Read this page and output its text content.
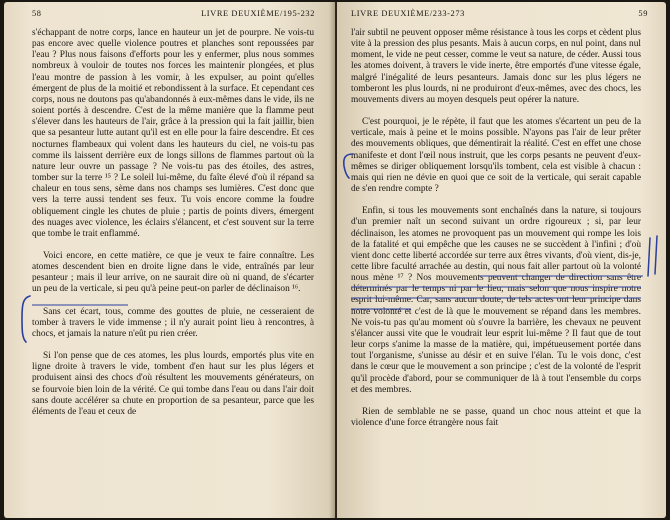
58	LIVRE DEUXIÈME/195-232

s'échappant de notre corps, lance en hauteur un jet de pourpre. Ne vois-tu pas encore avec quelle violence poutres et planches sont repoussées par l'eau ? Plus nous faisons d'efforts pour les y enfermer, plus nous sommes nombreux à vouloir de toutes nos forces les maintenir plongées, et plus l'eau montre de passion à les vomir, à les expulser, au point qu'elles émergent de plus de la moitié et rebondissent à la surface. Et cependant ces corps, nous ne doutons pas qu'abandonnés à eux-mêmes dans le vide, ils ne soient portés à descendre. C'est de la même manière que la flamme peut s'élever dans les hauteurs de l'air, grâce à la pression qui la fait jaillir, bien que sa pesanteur lutte autant qu'il est en elle pour la faire descendre. Et ces nocturnes flambeaux qui volent dans les hauteurs du ciel, ne vois-tu pas comme ils laissent derrière eux de longs sillons de flammes partout où la nature leur ouvre un passage ? Ne vois-tu pas des étoiles, des astres, tomber sur la terre ¹⁵ ? Le soleil lui-même, du faîte élevé d'où il répand sa chaleur en tous sens, sème dans nos champs ses lumières. C'est donc que vers la terre aussi tendent ses feux. Tu vois encore comme la foudre obliquement cingle les chutes de pluie ; partis de points divers, émergent des nuages avec violence, les éclairs s'élancent, et c'est souvent sur la terre que tombe le trait enflammé.

Voici encore, en cette matière, ce que je veux te faire connaître. Les atomes descendent bien en droite ligne dans le vide, entraînés par leur pesanteur ; mais il leur arrive, on ne saurait dire où ni quand, de s'écarter un peu de la verticale, si peu qu'à peine peut-on parler de déclinaison ¹⁶.

Sans cet écart, tous, comme des gouttes de pluie, ne cesseraient de tomber à travers le vide immense ; il n'y aurait point lieu à rencontres, à chocs, et jamais la nature n'eût pu rien créer.

Si l'on pense que de ces atomes, les plus lourds, emportés plus vite en ligne droite à travers le vide, tombent d'en haut sur les plus légers et produisent ainsi des chocs d'où résultent les mouvements générateurs, on se fourvoie bien loin de la vérité. Ce qui tombe dans l'eau ou dans l'air doit sans doute accélérer sa chute en proportion de sa pesanteur, parce que les éléments de l'eau et ceux de

LIVRE DEUXIÈME/233-273	59

l'air subtil ne peuvent opposer même résistance à tous les corps et cèdent plus vite à la pression des plus pesants. Mais à aucun corps, en nul point, dans nul moment, le vide ne peut cesser, comme le veut sa nature, de céder. Aussi tous les atomes doivent, à travers le vide inerte, être emportés d'une vitesse égale, malgré l'inégalité de leurs pesanteurs. Jamais donc sur les plus légers ne tomberont les plus lourds, ni ne produiront d'eux-mêmes, avec des chocs, les mouvements divers au moyen desquels peut opérer la nature.

C'est pourquoi, je le répète, il faut que les atomes s'écartent un peu de la verticale, mais à peine et le moins possible. N'ayons pas l'air de leur prêter des mouvements obliques, que démentirait la réalité. C'est en effet une chose manifeste et dont l'œil nous instruit, que les corps pesants ne peuvent d'eux-mêmes se diriger obliquement lorsqu'ils tombent, cela est visible à chacun : mais qui rien ne dévie en quoi que ce soit de la verticale, qui serait capable de s'en rendre compte ?

Enfin, si tous les mouvements sont enchaînés dans la nature, si toujours d'un premier naît un second suivant un ordre rigoureux ; si, par leur déclinaison, les atomes ne provoquent pas un mouvement qui rompe les lois de la fatalité et qui empêche que les causes ne se succèdent à l'infini ; d'où vient donc cette liberté accordée sur terre aux êtres vivants, d'où vient, dis-je, cette libre faculté arrachée au destin, qui nous fait aller partout où la volonté nous mène ¹⁷ ? Nos mouvements peuvent changer de direction sans être déterminés par le temps ni par le lieu, mais selon que nous inspire notre esprit lui-même. Car, sans aucun doute, de tels actes ont leur principe dans notre volonté et c'est de là que le mouvement se répand dans les membres. Ne vois-tu pas qu'au moment où s'ouvre la barrière, les chevaux ne peuvent s'élancer aussi vite que le voudrait leur esprit lui-même ? Il faut que de tout leur corps s'anime la masse de la matière, qui, impétueusement portée dans tout l'organisme, s'unisse au désir et en suive l'élan. Tu le vois donc, c'est dans le cœur que le mouvement a son principe ; c'est de la volonté de l'esprit qu'il procède d'abord, pour se communiquer de là à tout l'ensemble du corps et des membres.

Rien de semblable ne se passe, quand un choc nous atteint et que la violence d'une force étrangère nous fait
